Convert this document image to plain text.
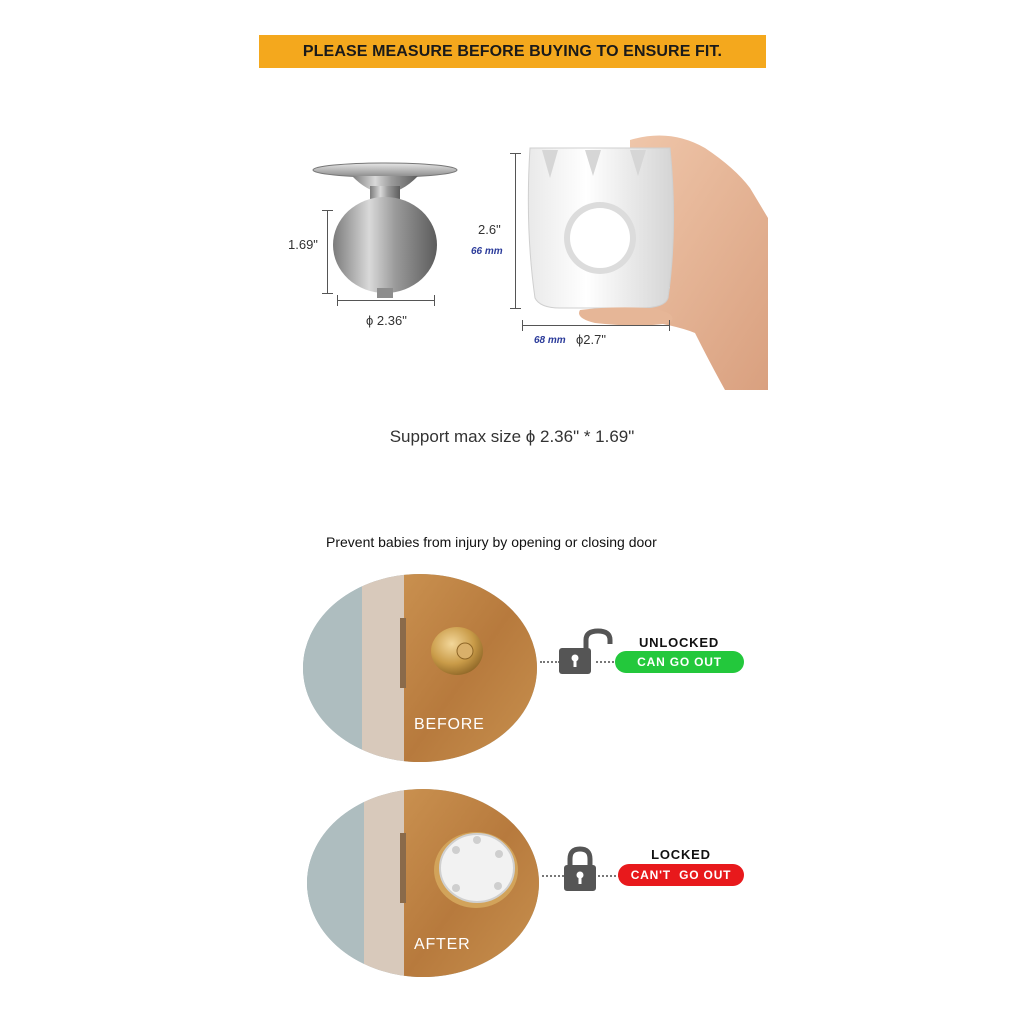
PLEASE MEASURE BEFORE BUYING TO ENSURE FIT.
1.69"
ϕ 2.36"
2.6"
66 mm
68 mm ϕ2.7"
Support max size ϕ 2.36" * 1.69"
Prevent babies from injury by opening or closing door
BEFORE
UNLOCKED
CAN GO OUT
AFTER
LOCKED
CAN'T  GO OUT
